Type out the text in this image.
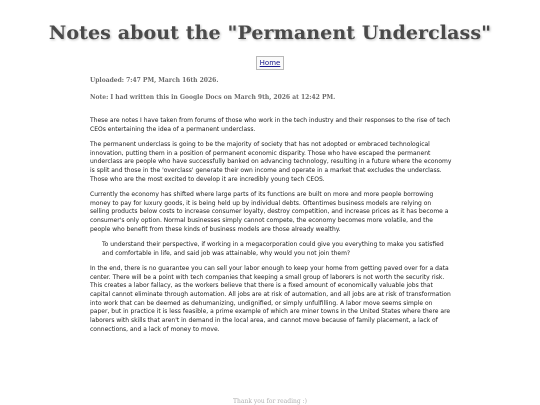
Notes about the "Permanent Underclass"
Home

Uploaded: 7:47 PM, March 16th 2026.

Note: I had written this in Google Docs on March 9th, 2026 at 12:42 PM.

These are notes I have taken from forums of those who work in the tech industry and their responses to the rise of tech CEOs entertaining the idea of a permanent underclass.

The permanent underclass is going to be the majority of society that has not adopted or embraced technological innovation, putting them in a position of permanent economic disparity. Those who have escaped the permanent underclass are people who have successfully banked on advancing technology, resulting in a future where the economy is split and those in the 'overclass' generate their own income and operate in a market that excludes the underclass. Those who are the most excited to develop it are incredibly young tech CEOS.

Currently the economy has shifted where large parts of its functions are built on more and more people borrowing money to pay for luxury goods, it is being held up by individual debts. Oftentimes business models are relying on selling products below costs to increase consumer loyalty, destroy competition, and increase prices as it has become a consumer's only option. Normal businesses simply cannot compete, the economy becomes more volatile, and the people who benefit from these kinds of business models are those already wealthy.

To understand their perspective, if working in a megacorporation could give you everything to make you satisfied and comfortable in life, and said job was attainable, why would you not join them?

In the end, there is no guarantee you can sell your labor enough to keep your home from getting paved over for a data center. There will be a point with tech companies that keeping a small group of laborers is not worth the security risk. This creates a labor fallacy, as the workers believe that there is a fixed amount of economically valuable jobs that capital cannot eliminate through automation. All jobs are at risk of automation, and all jobs are at risk of transformation into work that can be deemed as dehumanizing, undignified, or simply unfulfilling. A labor move seems simple on paper, but in practice it is less feasible, a prime example of which are miner towns in the United States where there are laborers with skills that aren't in demand in the local area, and cannot move because of family placement, a lack of connections, and a lack of money to move.

Thank you for reading :)
